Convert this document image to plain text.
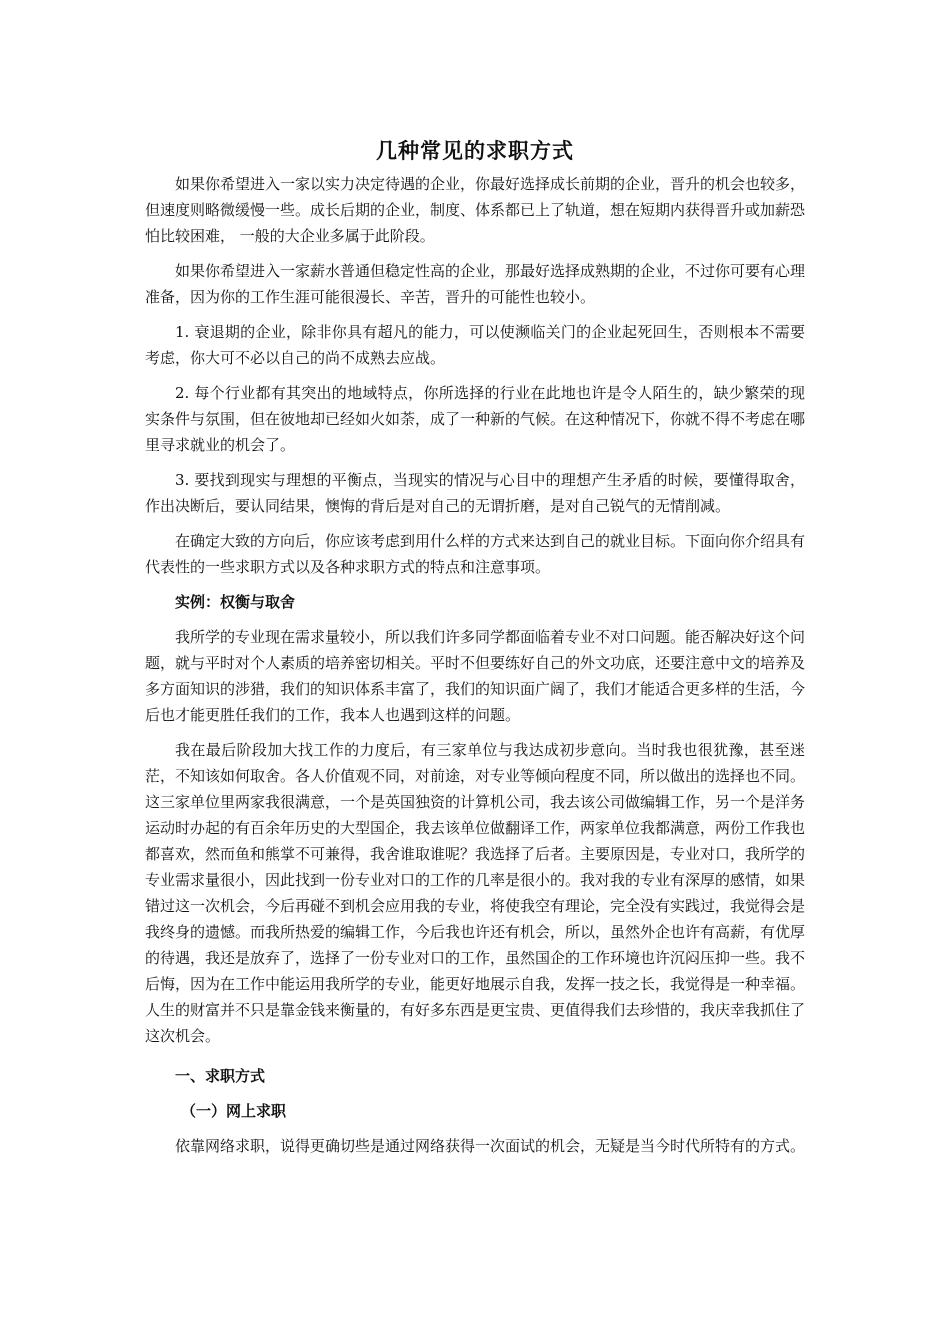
几种常见的求职方式

如果你希望进入一家以实力决定待遇的企业，你最好选择成长前期的企业，晋升的机会也较多，但速度则略微缓慢一些。成长后期的企业，制度、体系都已上了轨道，想在短期内获得晋升或加薪恐怕比较困难， 一般的大企业多属于此阶段。

如果你希望进入一家薪水普通但稳定性高的企业，那最好选择成熟期的企业，不过你可要有心理准备，因为你的工作生涯可能很漫长、辛苦，晋升的可能性也较小。

1. 衰退期的企业，除非你具有超凡的能力，可以使濒临关门的企业起死回生，否则根本不需要考虑，你大可不必以自己的尚不成熟去应战。

2. 每个行业都有其突出的地域特点，你所选择的行业在此地也许是令人陌生的，缺少繁荣的现实条件与氛围，但在彼地却已经如火如荼，成了一种新的气候。在这种情况下，你就不得不考虑在哪里寻求就业的机会了。

3. 要找到现实与理想的平衡点，当现实的情况与心目中的理想产生矛盾的时候，要懂得取舍，作出决断后，要认同结果，懊悔的背后是对自己的无谓折磨，是对自己锐气的无情削减。

在确定大致的方向后，你应该考虑到用什么样的方式来达到自己的就业目标。下面向你介绍具有代表性的一些求职方式以及各种求职方式的特点和注意事项。

实例：权衡与取舍

我所学的专业现在需求量较小，所以我们许多同学都面临着专业不对口问题。能否解决好这个问题，就与平时对个人素质的培养密切相关。平时不但要练好自己的外文功底，还要注意中文的培养及多方面知识的涉猎，我们的知识体系丰富了，我们的知识面广阔了，我们才能适合更多样的生活，今后也才能更胜任我们的工作，我本人也遇到这样的问题。

我在最后阶段加大找工作的力度后，有三家单位与我达成初步意向。当时我也很犹豫，甚至迷茫，不知该如何取舍。各人价值观不同，对前途，对专业等倾向程度不同，所以做出的选择也不同。这三家单位里两家我很满意，一个是英国独资的计算机公司，我去该公司做编辑工作，另一个是洋务运动时办起的有百余年历史的大型国企，我去该单位做翻译工作，两家单位我都满意，两份工作我也都喜欢，然而鱼和熊掌不可兼得，我舍谁取谁呢？我选择了后者。主要原因是，专业对口，我所学的专业需求量很小，因此找到一份专业对口的工作的几率是很小的。我对我的专业有深厚的感情，如果错过这一次机会，今后再碰不到机会应用我的专业，将使我空有理论，完全没有实践过，我觉得会是我终身的遗憾。而我所热爱的编辑工作，今后我也许还有机会，所以，虽然外企也许有高薪，有优厚的待遇，我还是放弃了，选择了一份专业对口的工作，虽然国企的工作环境也许沉闷压抑一些。我不后悔，因为在工作中能运用我所学的专业，能更好地展示自我，发挥一技之长，我觉得是一种幸福。人生的财富并不只是靠金钱来衡量的，有好多东西是更宝贵、更值得我们去珍惜的，我庆幸我抓住了这次机会。

一、求职方式
（一）网上求职

依靠网络求职，说得更确切些是通过网络获得一次面试的机会，无疑是当今时代所特有的方式。
